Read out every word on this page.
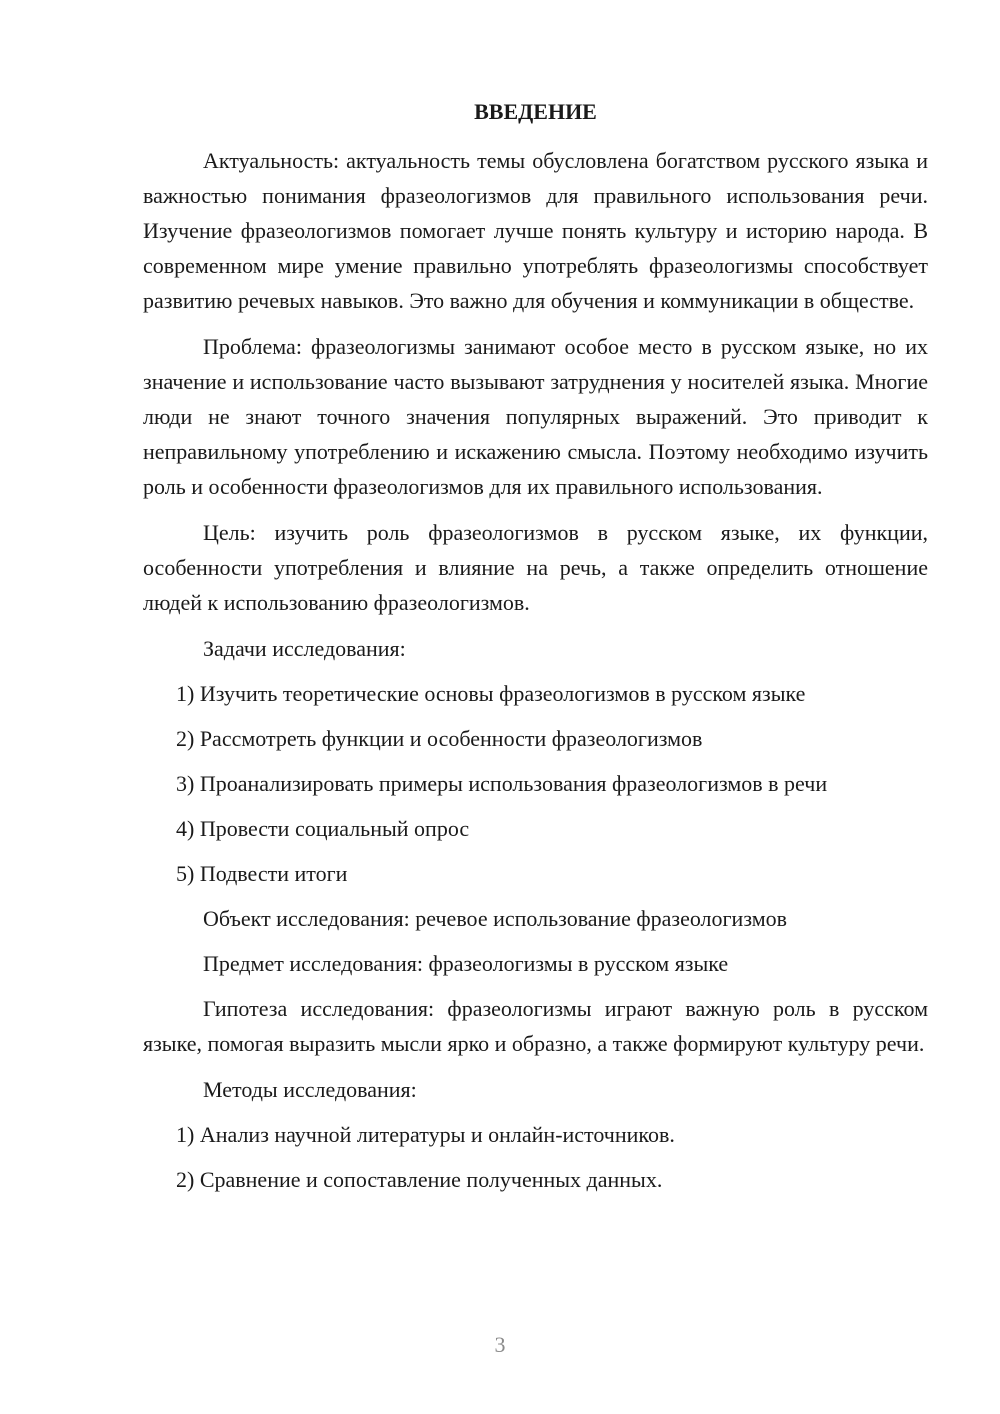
ВВЕДЕНИЕ

Актуальность: актуальность темы обусловлена богатством русского языка и важностью понимания фразеологизмов для правильного использования речи. Изучение фразеологизмов помогает лучше понять культуру и историю народа. В современном мире умение правильно употреблять фразеологизмы способствует развитию речевых навыков. Это важно для обучения и коммуникации в обществе.

Проблема: фразеологизмы занимают особое место в русском языке, но их значение и использование часто вызывают затруднения у носителей языка. Многие люди не знают точного значения популярных выражений. Это приводит к неправильному употреблению и искажению смысла. Поэтому необходимо изучить роль и особенности фразеологизмов для их правильного использования.

Цель: изучить роль фразеологизмов в русском языке, их функции, особенности употребления и влияние на речь, а также определить отношение людей к использованию фразеологизмов.

Задачи исследования:
1) Изучить теоретические основы фразеологизмов в русском языке
2) Рассмотреть функции и особенности фразеологизмов
3) Проанализировать примеры использования фразеологизмов в речи
4) Провести социальный опрос
5) Подвести итоги
Объект исследования: речевое использование фразеологизмов
Предмет исследования: фразеологизмы в русском языке

Гипотеза исследования: фразеологизмы играют важную роль в русском языке, помогая выразить мысли ярко и образно, а также формируют культуру речи.

Методы исследования:
1) Анализ научной литературы и онлайн-источников.
2) Сравнение и сопоставление полученных данных.
3
